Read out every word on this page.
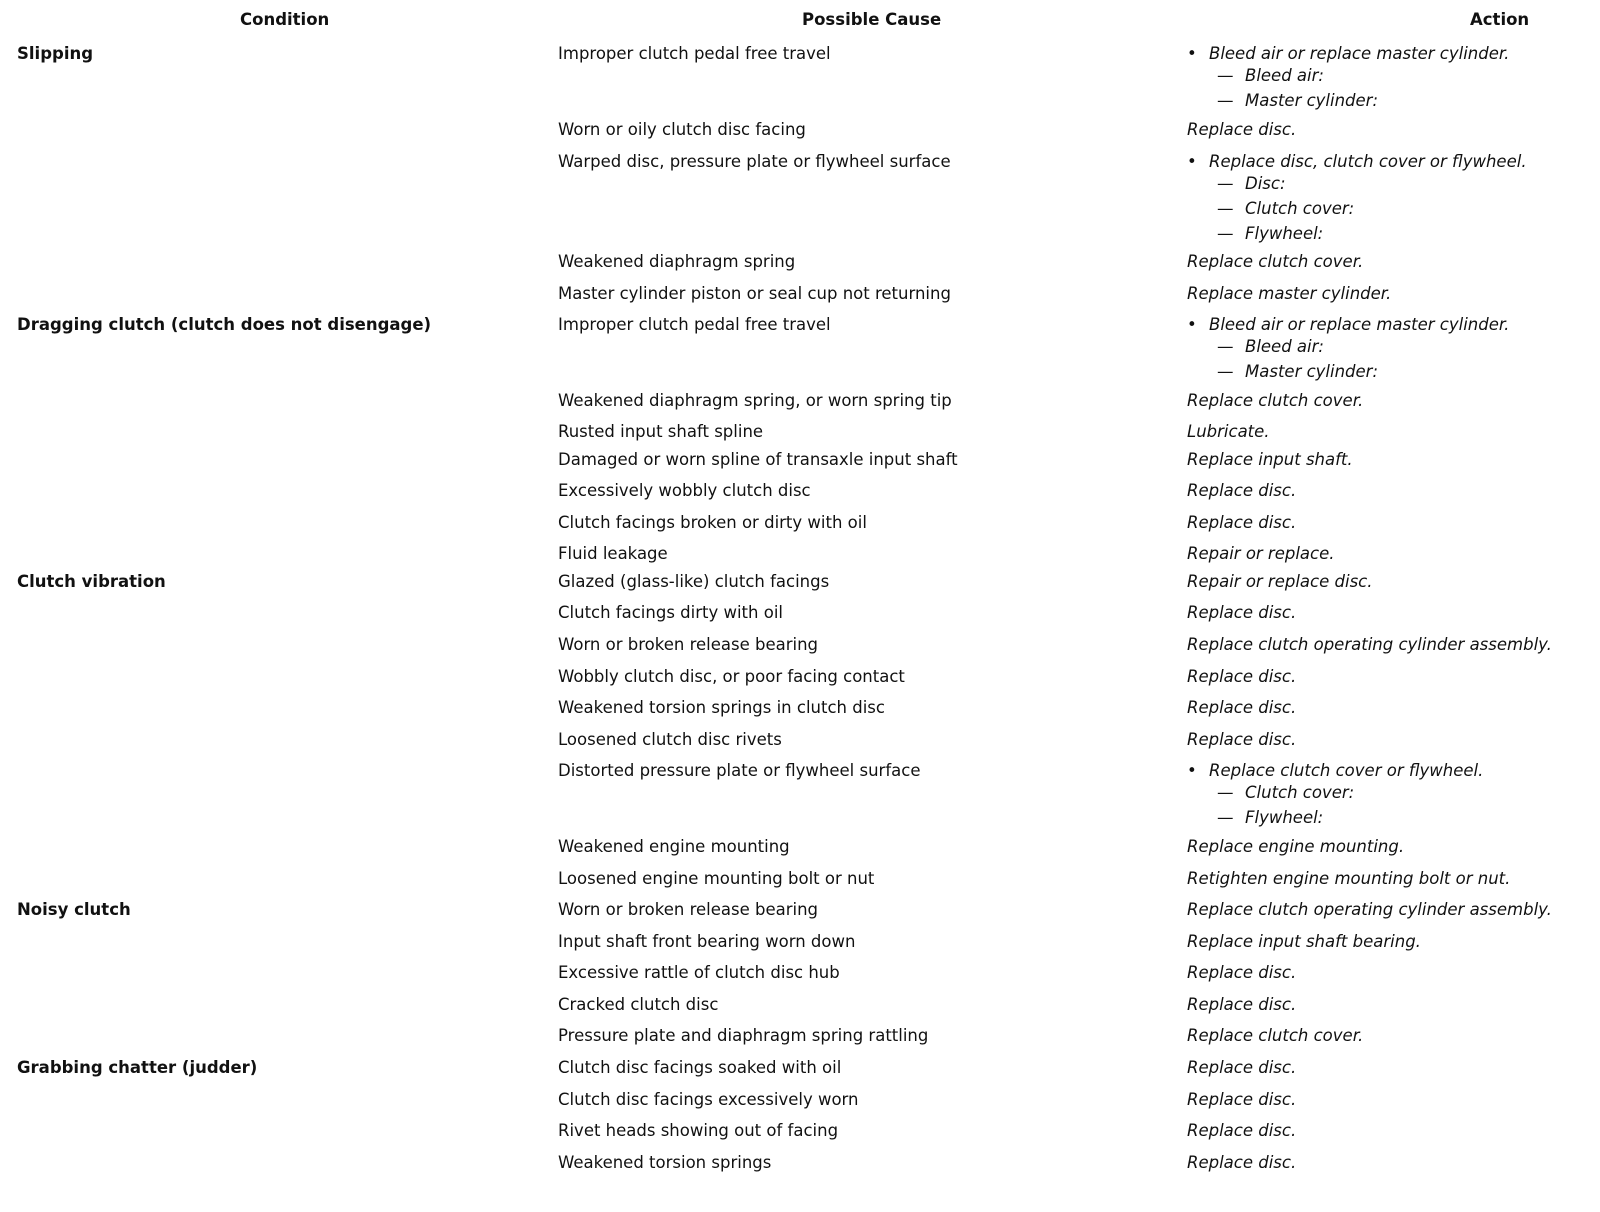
Condition	Possible Cause	Action
Slipping	Improper clutch pedal free travel	• Bleed air or replace master cylinder.
— Bleed air:
— Master cylinder:
Worn or oily clutch disc facing	Replace disc.
Warped disc, pressure plate or flywheel surface	• Replace disc, clutch cover or flywheel.
— Disc:
— Clutch cover:
— Flywheel:
Weakened diaphragm spring	Replace clutch cover.
Master cylinder piston or seal cup not returning	Replace master cylinder.
Dragging clutch (clutch does not disengage)	Improper clutch pedal free travel	• Bleed air or replace master cylinder.
— Bleed air:
— Master cylinder:
Weakened diaphragm spring, or worn spring tip	Replace clutch cover.
Rusted input shaft spline	Lubricate.
Damaged or worn spline of transaxle input shaft	Replace input shaft.
Excessively wobbly clutch disc	Replace disc.
Clutch facings broken or dirty with oil	Replace disc.
Fluid leakage	Repair or replace.
Clutch vibration	Glazed (glass-like) clutch facings	Repair or replace disc.
Clutch facings dirty with oil	Replace disc.
Worn or broken release bearing	Replace clutch operating cylinder assembly.
Wobbly clutch disc, or poor facing contact	Replace disc.
Weakened torsion springs in clutch disc	Replace disc.
Loosened clutch disc rivets	Replace disc.
Distorted pressure plate or flywheel surface	• Replace clutch cover or flywheel.
— Clutch cover:
— Flywheel:
Weakened engine mounting	Replace engine mounting.
Loosened engine mounting bolt or nut	Retighten engine mounting bolt or nut.
Noisy clutch	Worn or broken release bearing	Replace clutch operating cylinder assembly.
Input shaft front bearing worn down	Replace input shaft bearing.
Excessive rattle of clutch disc hub	Replace disc.
Cracked clutch disc	Replace disc.
Pressure plate and diaphragm spring rattling	Replace clutch cover.
Grabbing chatter (judder)	Clutch disc facings soaked with oil	Replace disc.
Clutch disc facings excessively worn	Replace disc.
Rivet heads showing out of facing	Replace disc.
Weakened torsion springs	Replace disc.
